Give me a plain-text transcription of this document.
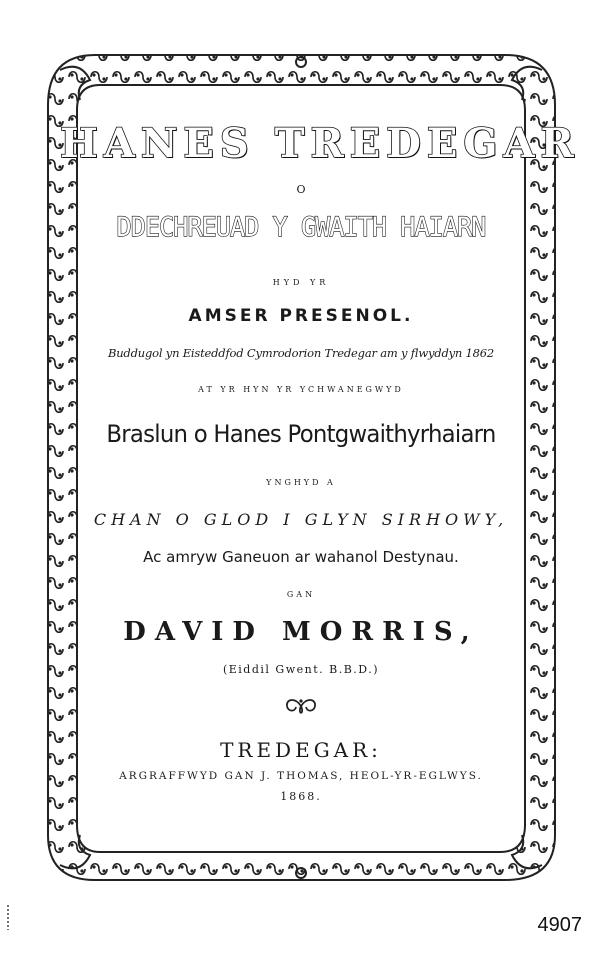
HANES TREDEGAR
O
DDECHREUAD Y GWAITH HAIARN
HYD YR
AMSER PRESENOL.
Buddugol yn Eisteddfod Cymrodorion Tredegar am y flwyddyn 1862
AT YR HYN YR YCHWANEGWYD
Braslun o Hanes Pontgwaithyrhaiarn
YNGHYD A
CHAN O GLOD I GLYN SIRHOWY,
Ac amryw Ganeuon ar wahanol Destynau.
GAN
DAVID MORRIS,
(Eiddil Gwent. B.B.D.)
TREDEGAR:
ARGRAFFWYD GAN J. THOMAS, HEOL-YR-EGLWYS.
1868.
4907
